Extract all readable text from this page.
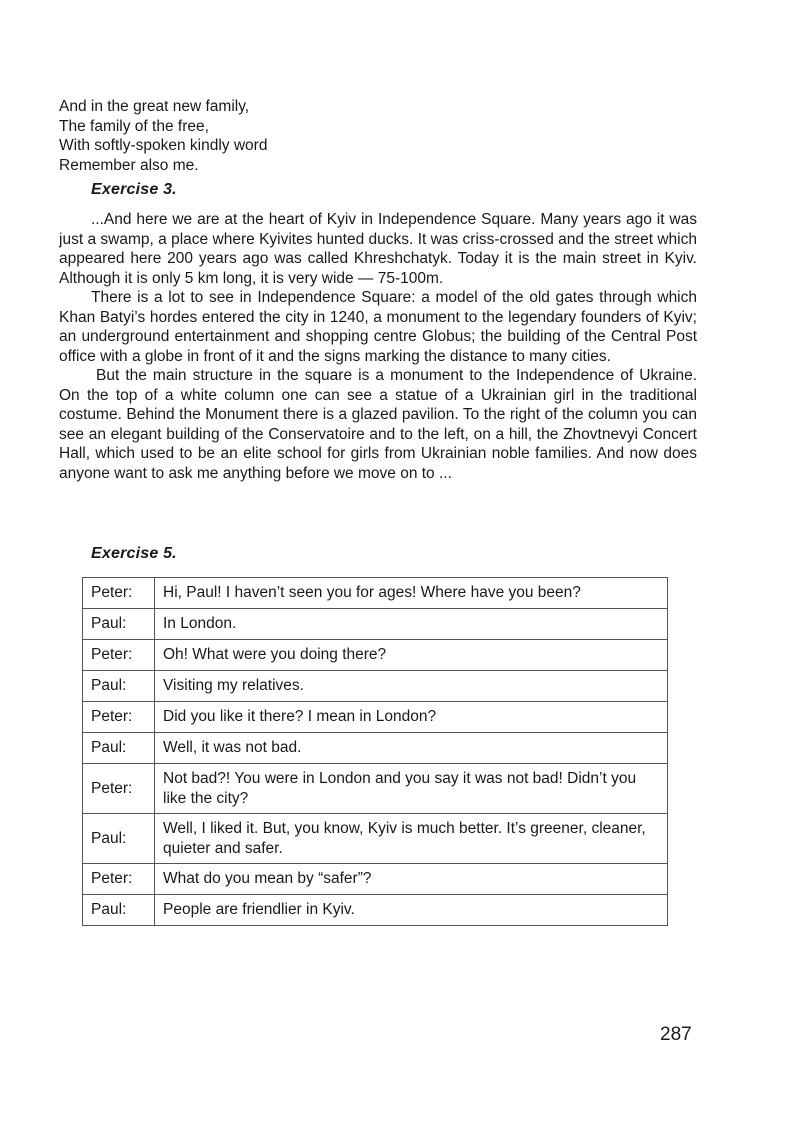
And in the great new family,
The family of the free,
With softly-spoken kindly word
Remember also me.
Exercise 3.

...And here we are at the heart of Kyiv in Independence Square. Many years ago it was just a swamp, a place where Kyivites hunted ducks. It was criss-crossed and the street which appeared here 200 years ago was called Khreshchatyk. Today it is the main street in Kyiv. Although it is only 5 km long, it is very wide — 75-100m.

There is a lot to see in Independence Square: a model of the old gates through which Khan Batyi’s hordes entered the city in 1240, a monument to the legendary founders of Kyiv; an underground entertainment and shopping centre Globus; the building of the Central Post office with a globe in front of it and the signs marking the distance to many cities.

But the main structure in the square is a monument to the Independence of Ukraine. On the top of a white column one can see a statue of a Ukrainian girl in the traditional costume. Behind the Monument there is a glazed pavilion. To the right of the column you can see an elegant building of the Conservatoire and to the left, on a hill, the Zhovtnevyi Concert Hall, which used to be an elite school for girls from Ukrainian noble families. And now does anyone want to ask me anything before we move on to ...

Exercise 5.
Peter:	Hi, Paul! I haven’t seen you for ages! Where have you been?
Paul:	In London.
Peter:	Oh! What were you doing there?
Paul:	Visiting my relatives.
Peter:	Did you like it there? I mean in London?
Paul:	Well, it was not bad.
Peter:	Not bad?! You were in London and you say it was not bad! Didn’t you like the city?
Paul:	Well, I liked it. But, you know, Kyiv is much better. It’s greener, cleaner, quieter and safer.
Peter:	What do you mean by “safer”?
Paul:	People are friendlier in Kyiv.
287
